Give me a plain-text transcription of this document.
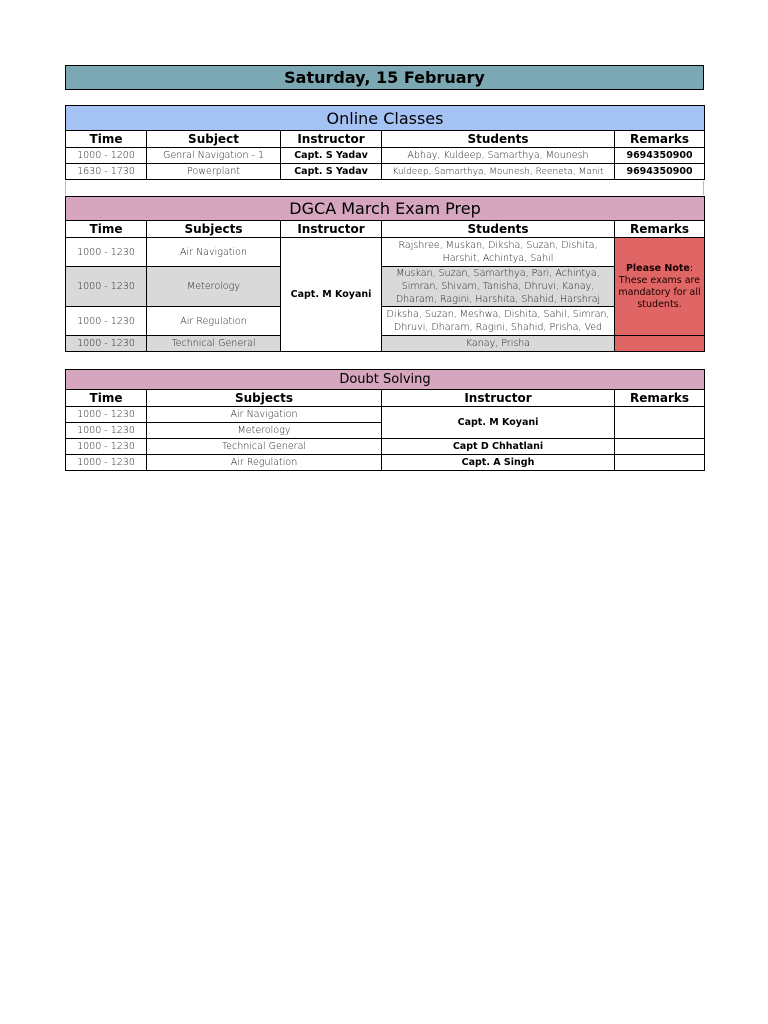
Saturday, 15 February
Online Classes				
Time	Subject	Instructor	Students	Remarks
1000 - 1200	Genral Navigation - 1	Capt. S Yadav	Abhay, Kuldeep, Samarthya, Mounesh	9694350900
1630 - 1730	Powerplant	Capt. S Yadav	Kuldeep, Samarthya, Mounesh, Reeneta, Manit	9694350900
DGCA March Exam Prep				
Time	Subjects	Instructor	Students	Remarks
1000 - 1230	Air Navigation	Capt. M Koyani	Rajshree, Muskan, Diksha, Suzan, Dishita, Harshit, Achintya, Sahil	Please Note: These exams are mandatory for all students.
1000 - 1230	Meterology		Muskan, Suzan, Samarthya, Pari, Achintya, Simran, Shivam, Tanisha, Dhruvi, Kanay, Dharam, Ragini, Harshita, Shahid, Harshraj	
1000 - 1230	Air Regulation		Diksha, Suzan, Meshwa, Dishita, Sahil, Simran, Dhruvi, Dharam, Ragini, Shahid, Prisha, Ved	
1000 - 1230	Technical General		Kanay, Prisha	
Doubt Solving			
Time	Subjects	Instructor	Remarks
1000 - 1230	Air Navigation	Capt. M Koyani	
1000 - 1230	Meterology		
1000 - 1230	Technical General	Capt D Chhatlani	
1000 - 1230	Air Regulation	Capt. A Singh	
